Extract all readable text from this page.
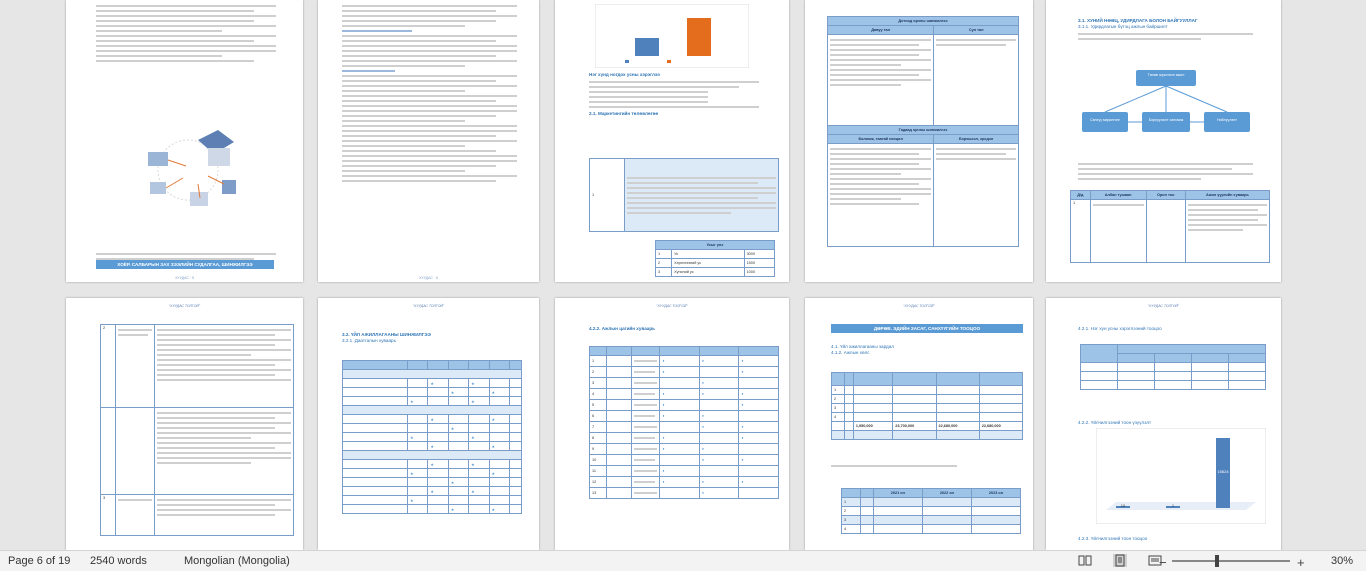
ХОЁР. САЛБАРЫН ЗАХ ЗЭЭЛИЙН СУДАЛГАА, ШИНЖИЛГЭЭ
ХУУДАС · 5	ХУУДАС · 6
Нэг хүнд ногдох усны хэрэглээ
2.1. Маркетингийн төлөвлөгөө
1	
Усыг үнэ		
1	Ус	3000
2	Хэрэглээний ус	1500
3	Хүнсний ус	1000
Дотоод орчны шинжилгээ	
Давуу тал	Сул тал

Гадаад орчны шинжилгээ	
Боломж, таатай нөхцөл	Бэрхшээл, эрсдэл

3.1. ХУНИЙ НӨӨЦ, УДИРДЛАГА БОЛОН БАЙГУУЛЛАГ
3.1.1. Удирдлагын бүтэц ажлын байршилт
Төлөв зорилтын ажил
Санхүү маркетинг	Борлуулалт хангамж	Нийлүүлэлт
Д/д	Албан тушаал	Орон тоо	Ажил үүргийн хуваарь
1	

“ХУУДАС ТОЛГОЙ”
2	

3	

“ХУУДАС ТОЛГОЙ”
3.2. ҮЙЛ АЖИЛЛАГААНЫ ШИНЖИЛГЭЭ
3.2.1. Даатгалын хуваарь

		★		★		
			★		★	
	★			★		

		★			★	
			★			
	★			★		
		★			★	

		★		★		
	★				★	
			★			
		★		★		
	★					
			★		★	
“ХУУДАС ТОЛГОЙ”
4.2.2. Ажлын цагийн хуваарь

1			♦	♦	♦
2			♦		♦
3				♦	
4			♦	♦	♦
5			♦		♦
6			♦	♦	
7				♦	♦
8			♦		♦
9			♦	♦	
10				♦	♦
11			♦		
12			♦	♦	♦
13				♦	
“ХУУДАС ТОЛГОЙ”
ДӨРӨВ. ЭДИЙН ЗАСАГ, САНХҮҮГИЙН ТООЦОО
4.1. Үйл ажиллагааны зардал
4.1.2. Ажлын хөлс

1					
2					
3					
4					
		1,950,000	23,700,000	22,680,000	22,680,000

		2021 он	2022 он	2023 он
1				
2				
3				
4				
“ХУУДАС ТОЛГОЙ”
4.2.1. Нэг хүн усны хэрэглээний тооцоо

4.2.2. Үйлчилгээний тоон үзүүлэлт
10	1
15624
4.2.3. Үйлчилгээний тоон тооцоо
Page 6 of 19 2540 words	Mongolian (Mongolia)	−	+ 30%
